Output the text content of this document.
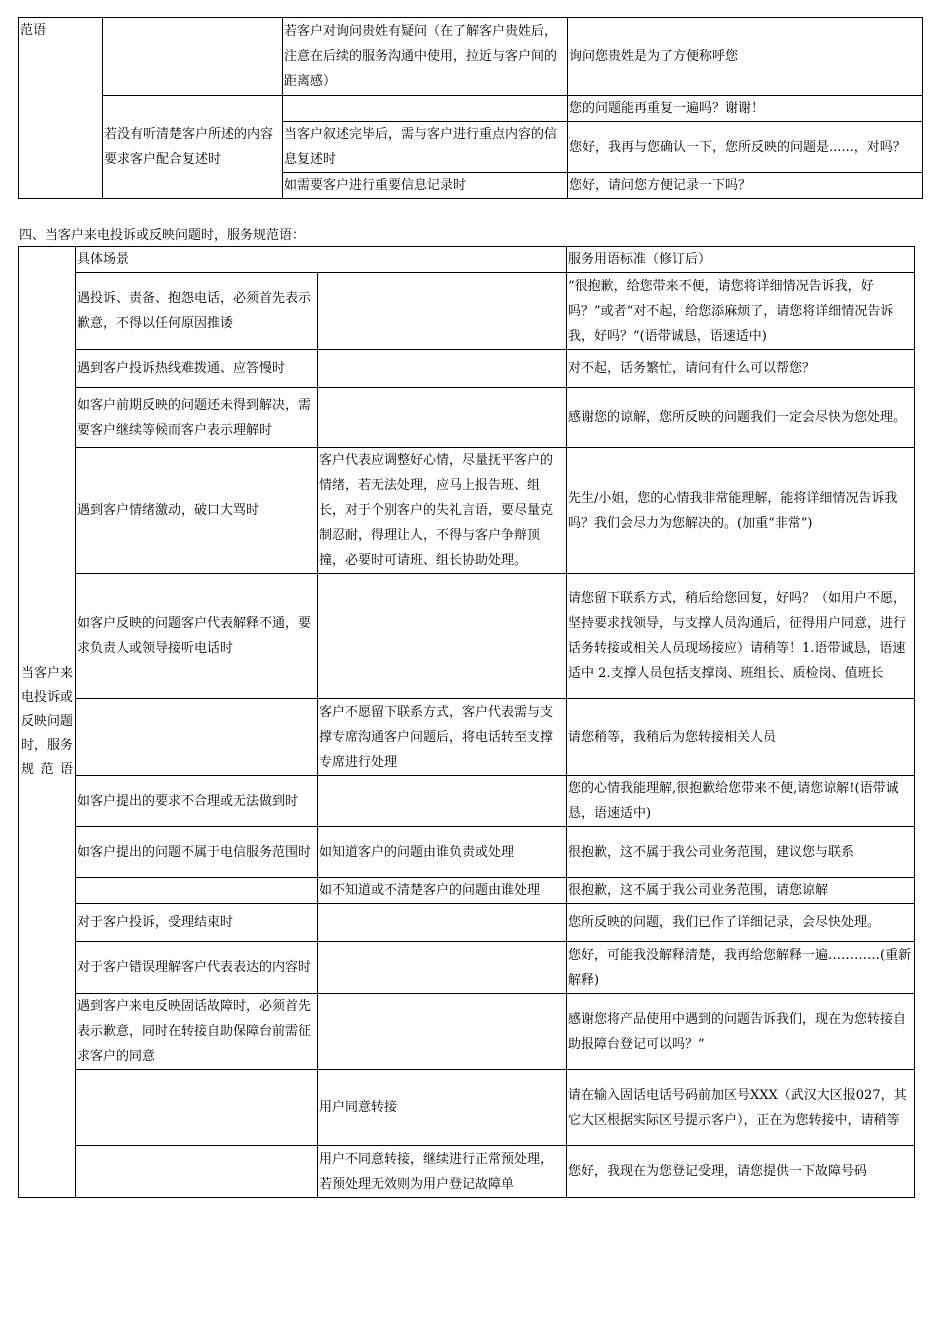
范语		若客户对询问贵姓有疑问（在了解客户贵姓后，注意在后续的服务沟通中使用，拉近与客户间的距离感）	询问您贵姓是为了方便称呼您
	若没有听清楚客户所述的内容要求客户配合复述时		您的问题能再重复一遍吗？谢谢！
		当客户叙述完毕后，需与客户进行重点内容的信息复述时	您好，我再与您确认一下，您所反映的问题是......，对吗？
		如需要客户进行重要信息记录时	您好，请问您方便记录一下吗？
四、当客户来电投诉或反映问题时，服务规范语：
当客户来电投诉或反映问题时，服务规范语	具体场景		服务用语标准（修订后）
	遇投诉、责备、抱怨电话，必须首先表示歉意，不得以任何原因推诿		“很抱歉，给您带来不便，请您将详细情况告诉我，好吗？”或者“对不起，给您添麻烦了，请您将详细情况告诉我，好吗？”(语带诚恳，语速适中)
	遇到客户投诉热线难拨通、应答慢时		对不起，话务繁忙，请问有什么可以帮您？
	如客户前期反映的问题还未得到解决，需要客户继续等候而客户表示理解时		感谢您的谅解，您所反映的问题我们一定会尽快为您处理。
	遇到客户情绪激动，破口大骂时	客户代表应调整好心情，尽量抚平客户的情绪，若无法处理，应马上报告班、组长，对于个别客户的失礼言语，要尽量克制忍耐，得理让人，不得与客户争辩顶撞，必要时可请班、组长协助处理。	先生/小姐，您的心情我非常能理解，能将详细情况告诉我吗？我们会尽力为您解决的。(加重“非常”)
	如客户反映的问题客户代表解释不通，要求负责人或领导接听电话时		请您留下联系方式，稍后给您回复，好吗？（如用户不愿，坚持要求找领导，与支撑人员沟通后，征得用户同意，进行话务转接或相关人员现场接应）请稍等！1.语带诚恳，语速适中 2.支撑人员包括支撑岗、班组长、质检岗、值班长
		客户不愿留下联系方式，客户代表需与支撑专席沟通客户问题后，将电话转至支撑专席进行处理	请您稍等，我稍后为您转接相关人员
	如客户提出的要求不合理或无法做到时		您的心情我能理解,很抱歉给您带来不便,请您谅解!(语带诚恳，语速适中)
	如客户提出的问题不属于电信服务范围时	如知道客户的问题由谁负责或处理	很抱歉，这不属于我公司业务范围，建议您与联系
		如不知道或不清楚客户的问题由谁处理	很抱歉，这不属于我公司业务范围，请您谅解
	对于客户投诉，受理结束时		您所反映的问题，我们已作了详细记录，会尽快处理。
	对于客户错误理解客户代表表达的内容时		您好，可能我没解释清楚，我再给您解释一遍…………(重新解释)
	遇到客户来电反映固话故障时，必须首先表示歉意，同时在转接自助保障台前需征求客户的同意		感谢您将产品使用中遇到的问题告诉我们，现在为您转接自助报障台登记可以吗？”
		用户同意转接	请在输入固话电话号码前加区号XXX（武汉大区报027，其它大区根据实际区号提示客户），正在为您转接中，请稍等
		用户不同意转接，继续进行正常预处理，若预处理无效则为用户登记故障单	您好，我现在为您登记受理，请您提供一下故障号码
